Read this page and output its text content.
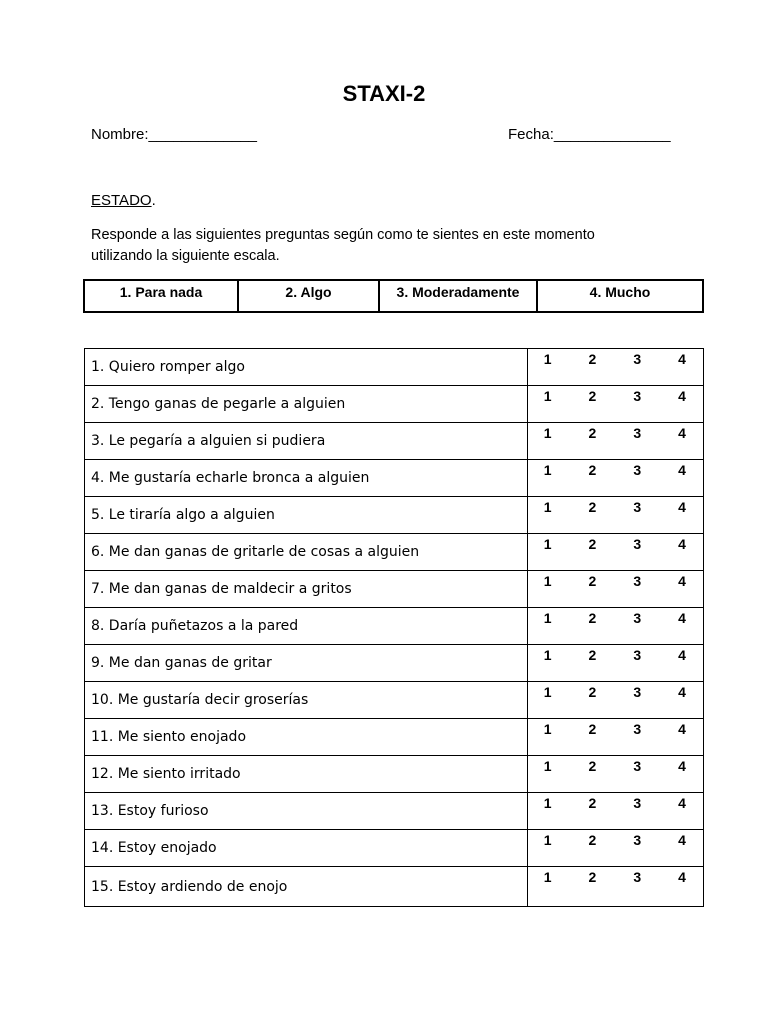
STAXI-2
Nombre:_____________	Fecha:______________
ESTADO.
Responde a las siguientes preguntas según como te sientes en este momento utilizando la siguiente escala.
1. Para nada	2. Algo	3. Moderadamente	4. Mucho
1. Quiero romper algo	1 2 3 4

2. Tengo ganas de pegarle a alguien	1 2 3 4

3. Le pegaría a alguien si pudiera	1 2 3 4

4. Me gustaría echarle bronca a alguien	1 2 3 4

5. Le tiraría algo a alguien	1 2 3 4

6. Me dan ganas de gritarle de cosas a alguien	1 2 3 4

7. Me dan ganas de maldecir a gritos	1 2 3 4

8. Daría puñetazos a la pared	1 2 3 4

9. Me dan ganas de gritar	1 2 3 4

10. Me gustaría decir groserías	1 2 3 4

11. Me siento enojado	1 2 3 4

12. Me siento irritado	1 2 3 4

13. Estoy furioso	1 2 3 4

14. Estoy enojado	1 2 3 4

15. Estoy ardiendo de enojo	1 2 3 4
